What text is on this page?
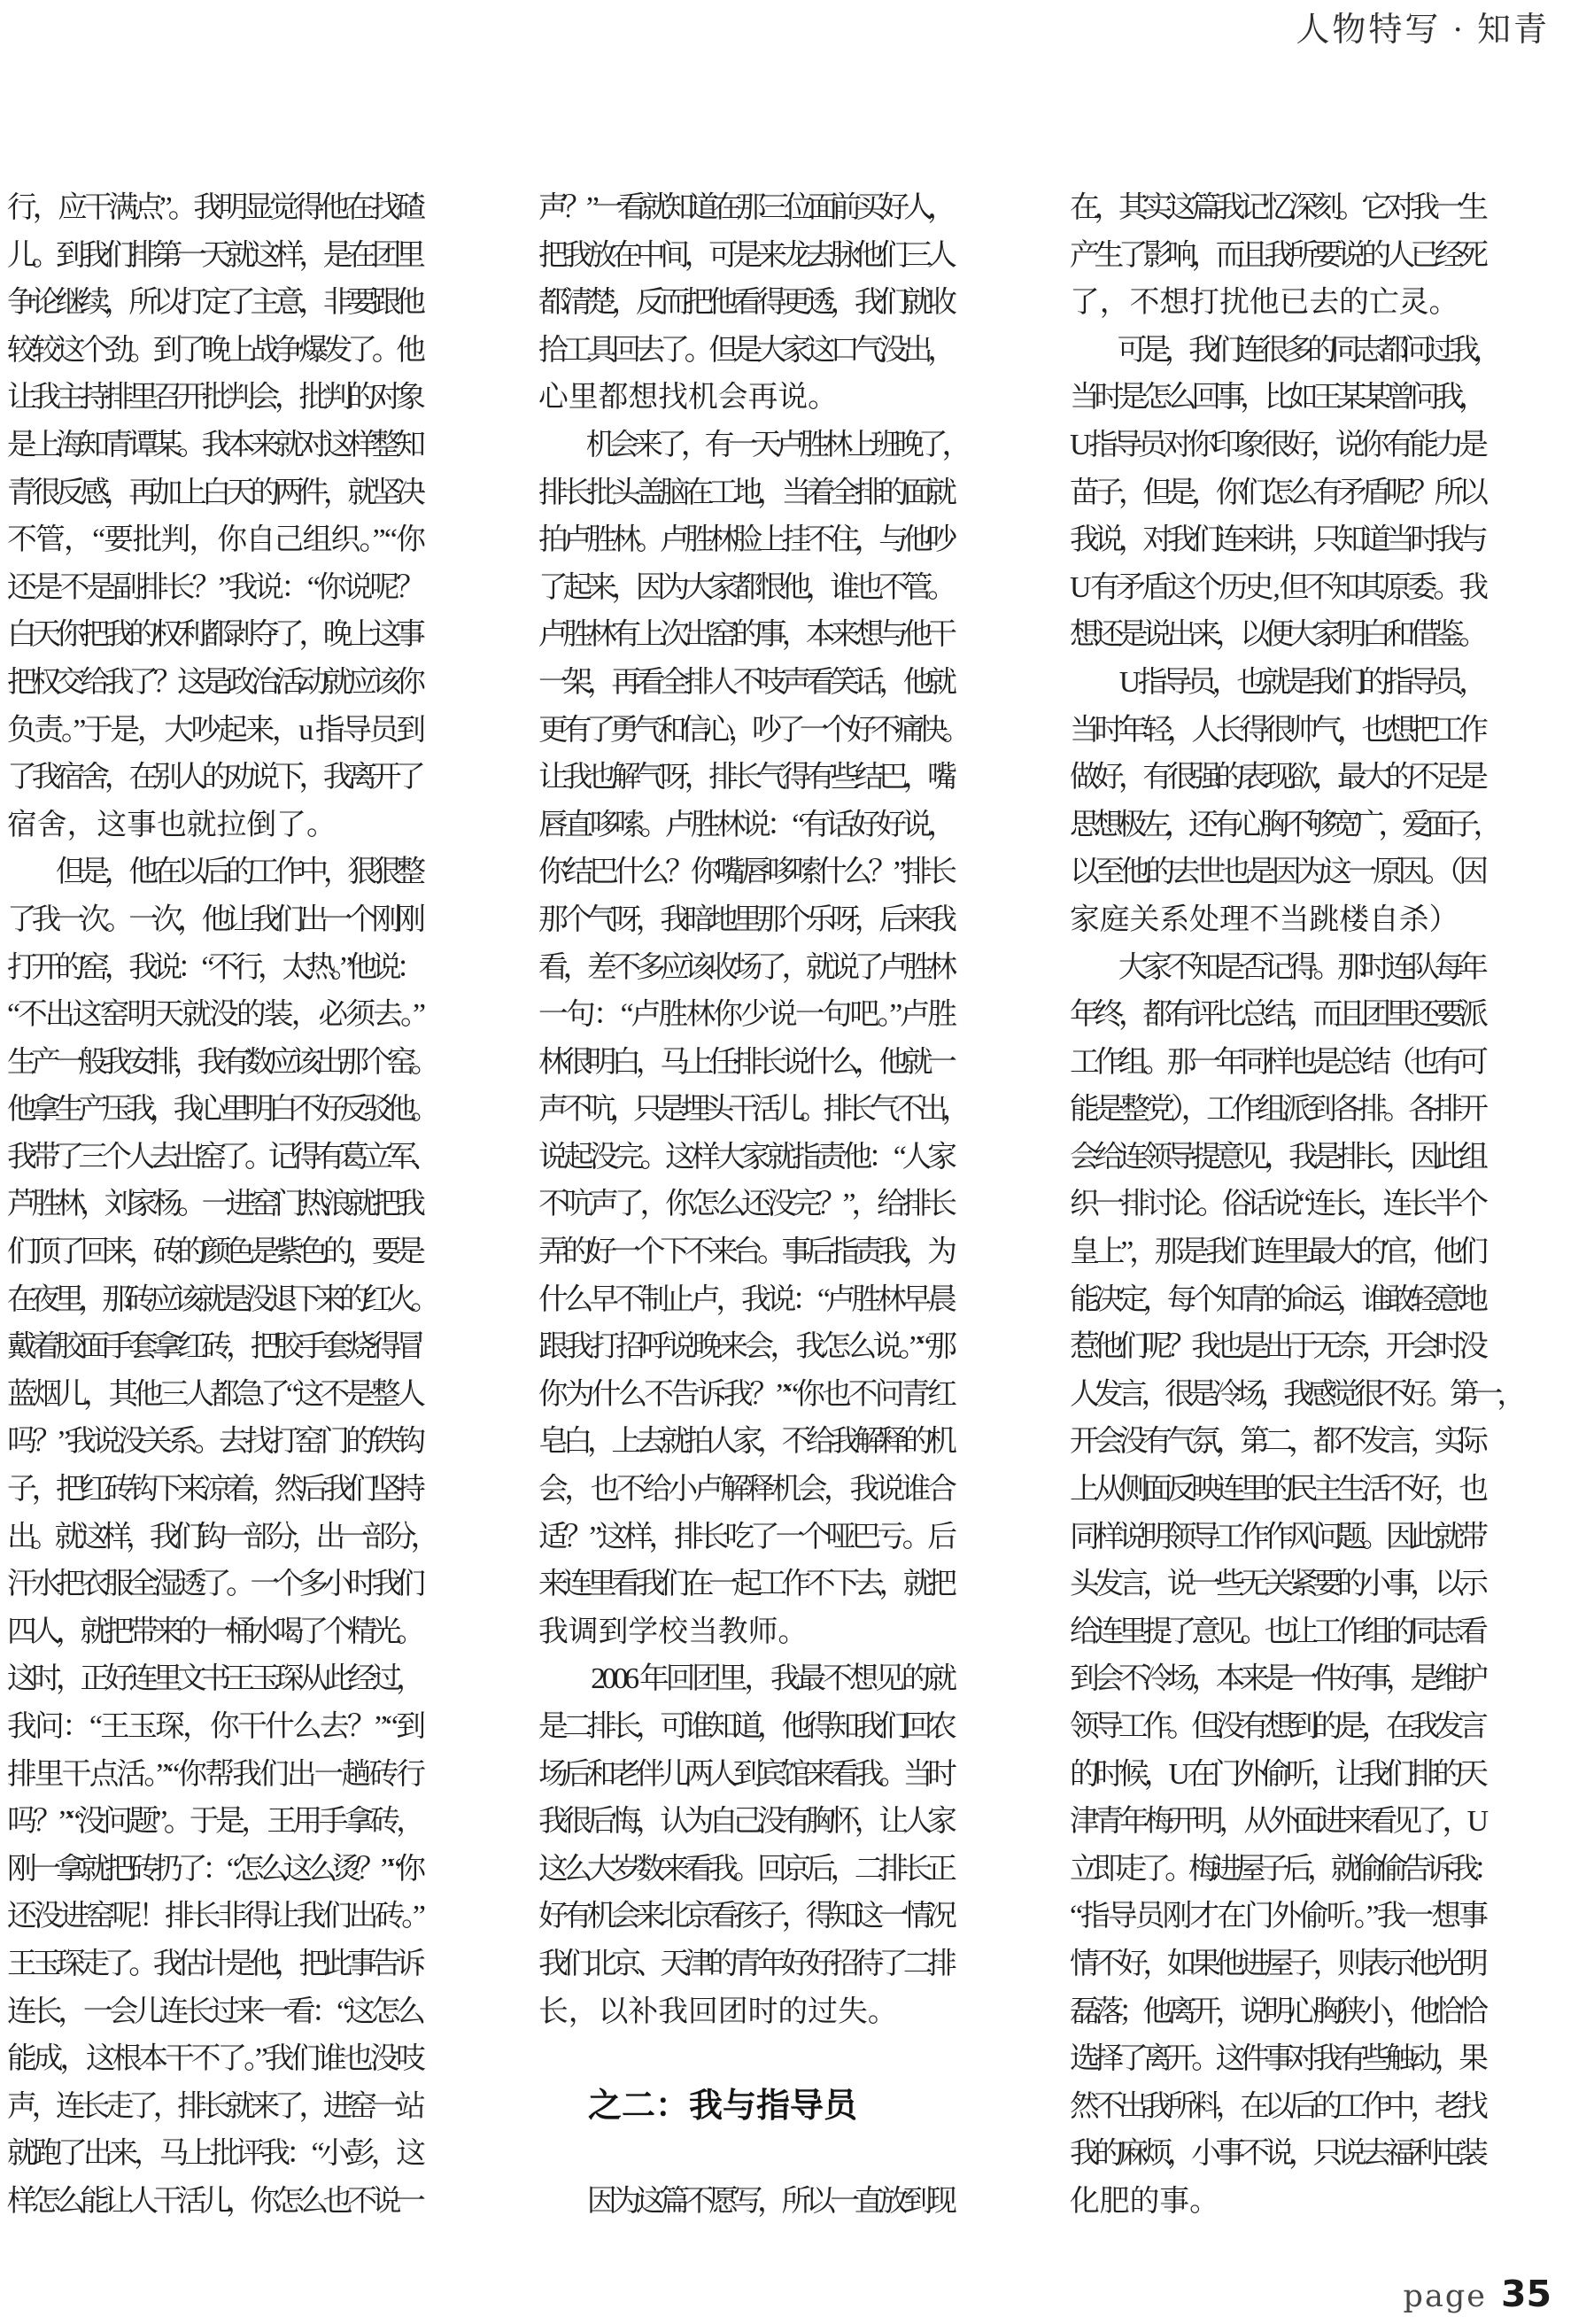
人物特写 · 知青
行，应干满点”。我明显觉得他在找碴
儿。到我们排第一天就这样，是在团里
争论继续，所以打定了主意，非要跟他
较较这个劲。到了晚上战争爆发了。他
让我主持排里召开批判会，批判的对象
是上海知青谭某。我本来就对这样整知
青很反感，再加上白天的两件，就坚决
不管，“要批判，你自己组织。”“你
还是不是副排长？”我说：“你说呢？
白天你把我的权利都剥夺了，晚上这事
把权交给我了？这是政治活动就应该你
负责。”于是，大吵起来，u 指导员到
了我宿舍，在别人的劝说下，我离开了
宿舍，这事也就拉倒了。
　　但是，他在以后的工作中，狠狠整
了我一次。一次，他让我们出一个刚刚
打开的窑，我说：“不行，太热。”他说：
“不出这窑明天就没的装，必须去。”
生产一般我安排，我有数应该出那个窑。
他拿生产压我，我心里明白不好反驳他。
我带了三个人去出窑了。记得有葛立军、
芦胜林，刘家杨。一进窑门热浪就把我
们顶了回来，砖的颜色是紫色的，要是
在夜里，那砖应该就是没退下来的红火。
戴着胶面手套拿红砖，把胶手套烧得冒
蓝烟儿，其他三人都急了“这不是整人
吗？”我说没关系。去找打窑门的铁钩
子，把红砖钩下来凉着，然后我们坚持
出。就这样，我们钩一部分，出一部分，
汗水把衣服全湿透了。一个多小时我们
四人，就把带来的一桶水喝了个精光。
这时，正好连里文书王玉琛从此经过，
我问：“王玉琛，你干什么去？”“到
排里干点活。”“你帮我们出一趟砖行
吗？”“没问题”。于是，王用手拿砖，
刚一拿就把砖扔了：“怎么这么烫？”“你
还没进窑呢！排长非得让我们出砖。”
王玉琛走了。我估计是他，把此事告诉
连长，一会儿连长过来一看：“这怎么
能成，这根本干不了。”我们谁也没吱
声，连长走了，排长就来了，进窑一站
就跑了出来，马上批评我：“小彭，这
样怎么能让人干活儿，你怎么也不说一
声？”一看就知道在那三位面前买好人，
把我放在中间，可是来龙去脉他们三人
都清楚，反而把他看得更透，我们就收
拾工具回去了。但是大家这口气没出，
心里都想找机会再说。
　　机会来了，有一天卢胜林上班晚了，
排长批头盖脑在工地，当着全排的面就
拍卢胜林。卢胜林脸上挂不住，与他吵
了起来，因为大家都恨他，谁也不管。
卢胜林有上次出窑的事，本来想与他干
一架，再看全排人不吱声看笑话，他就
更有了勇气和信心，吵了一个好不痛快。
让我也解气呀，排长气得有些结巴，嘴
唇直哆嗦。卢胜林说：“有话好好说，
你结巴什么？你嘴唇哆嗦什么？”排长
那个气呀，我暗地里那个乐呀，后来我
看，差不多应该收场了，就说了卢胜林
一句：“卢胜林你少说一句吧。”卢胜
林很明白，马上任排长说什么，他就一
声不吭，只是埋头干活儿。排长气不出，
说起没完。这样大家就指责他：“人家
不吭声了，你怎么还没完？”，给排长
弄的好一个下不来台。事后指责我，为
什么早不制止卢，我说：“卢胜林早晨
跟我打招呼说晚来会，我怎么说。”“那
你为什么不告诉我？”“你也不问青红
皂白，上去就拍人家，不给我解释的机
会，也不给小卢解释机会，我说谁合
适？”这样，排长吃了一个哑巴亏。后
来连里看我们在一起工作不下去，就把
我调到学校当教师。
　　2006 年回团里，我最不想见的就
是二排长，可谁知道，他得知我们回农
场后和老伴儿两人到宾馆来看我。当时
我很后悔，认为自己没有胸怀，让人家
这么大岁数来看我。回京后，二排长正
好有机会来北京看孩子，得知这一情况
我们北京、天津的青年好好招待了二排
长，以补我回团时的过失。
之二：我与指导员
　　因为这篇不愿写，所以一直放到现
在，其实这篇我记忆深刻。它对我一生
产生了影响，而且我所要说的人已经死
了，不想打扰他已去的亡灵。
　　可是，我们连很多的同志都问过我，
当时是怎么回事，比如王某某曾问我，
U 指导员对你印象很好，说你有能力是
苗子，但是，你们怎么有矛盾呢？所以
我说，对我们连来讲，只知道当时我与
U 有矛盾这个历史 , 但不知其原委。我
想还是说出来，以便大家明白和借鉴。
　　U 指导员，也就是我们的指导员，
当时年轻，人长得很帅气，也想把工作
做好，有很强的表现欲，最大的不足是
思想极左，还有心胸不够宽广，爱面子，
以至他的去世也是因为这一原因。（因
家庭关系处理不当跳楼自杀）
　　大家不知是否记得。那时连队每年
年终，都有评比总结，而且团里还要派
工作组。那一年同样也是总结（也有可
能是整党），工作组派到各排。各排开
会给连领导提意见，我是排长，因此组
织一排讨论。俗话说“连长，连长半个
皇上”，那是我们连里最大的官，他们
能决定，每个知青的命运，谁敢轻意地
惹他们呢？我也是出于无奈，开会时没
人发言，很是冷场，我感觉很不好。第一，
开会没有气氛，第二，都不发言，实际
上从侧面反映连里的民主生活不好，也
同样说明领导工作作风问题。因此就带
头发言，说一些无关紧要的小事，以示
给连里提了意见。也让工作组的同志看
到会不冷场，本来是一件好事，是维护
领导工作。但没有想到的是，在我发言
的时候，U 在门外偷听，让我们排的天
津青年梅开明，从外面进来看见了，U
立即走了。梅进屋子后，就偷偷告诉我：
“指导员刚才在门外偷听。”我一想事
情不好，如果他进屋子，则表示他光明
磊落；他离开，说明心胸狭小，他恰恰
选择了离开。这件事对我有些触动，果
然不出我所料，在以后的工作中，老找
我的麻烦，小事不说，只说去福利屯装
化肥的事。
page 35
